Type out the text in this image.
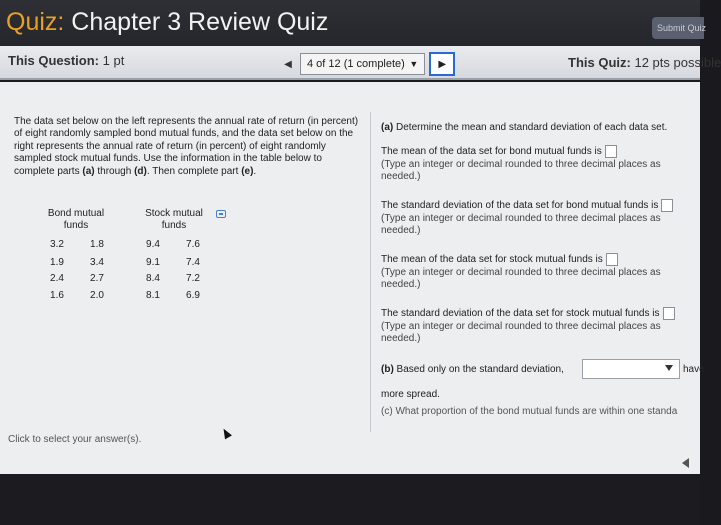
Quiz: Chapter 3 Review Quiz	Submit Quiz
This Question: 1 pt	◀	4 of 12 (1 complete) ▼	▶	This Quiz: 12 pts possible
The data set below on the left represents the annual rate of return (in percent) of eight randomly sampled bond mutual funds, and the data set below on the right represents the annual rate of return (in percent) of eight randomly sampled stock mutual funds. Use the information in the table below to complete parts (a) through (d). Then complete part (e).
Bond mutual funds
Stock mutual funds
3.2	1.8	9.4	7.6
1.9	3.4	9.1	7.4
2.4	2.7	8.4	7.2
1.6	2.0	8.1	6.9
(a) Determine the mean and standard deviation of each data set.
The mean of the data set for bond mutual funds is
(Type an integer or decimal rounded to three decimal places as needed.)
The standard deviation of the data set for bond mutual funds is
(Type an integer or decimal rounded to three decimal places as needed.)
The mean of the data set for stock mutual funds is
(Type an integer or decimal rounded to three decimal places as needed.)
The standard deviation of the data set for stock mutual funds is
(Type an integer or decimal rounded to three decimal places as needed.)
(b) Based only on the standard deviation,

more spread.
have
(c) What proportion of the bond mutual funds are within one standa
Click to select your answer(s).
